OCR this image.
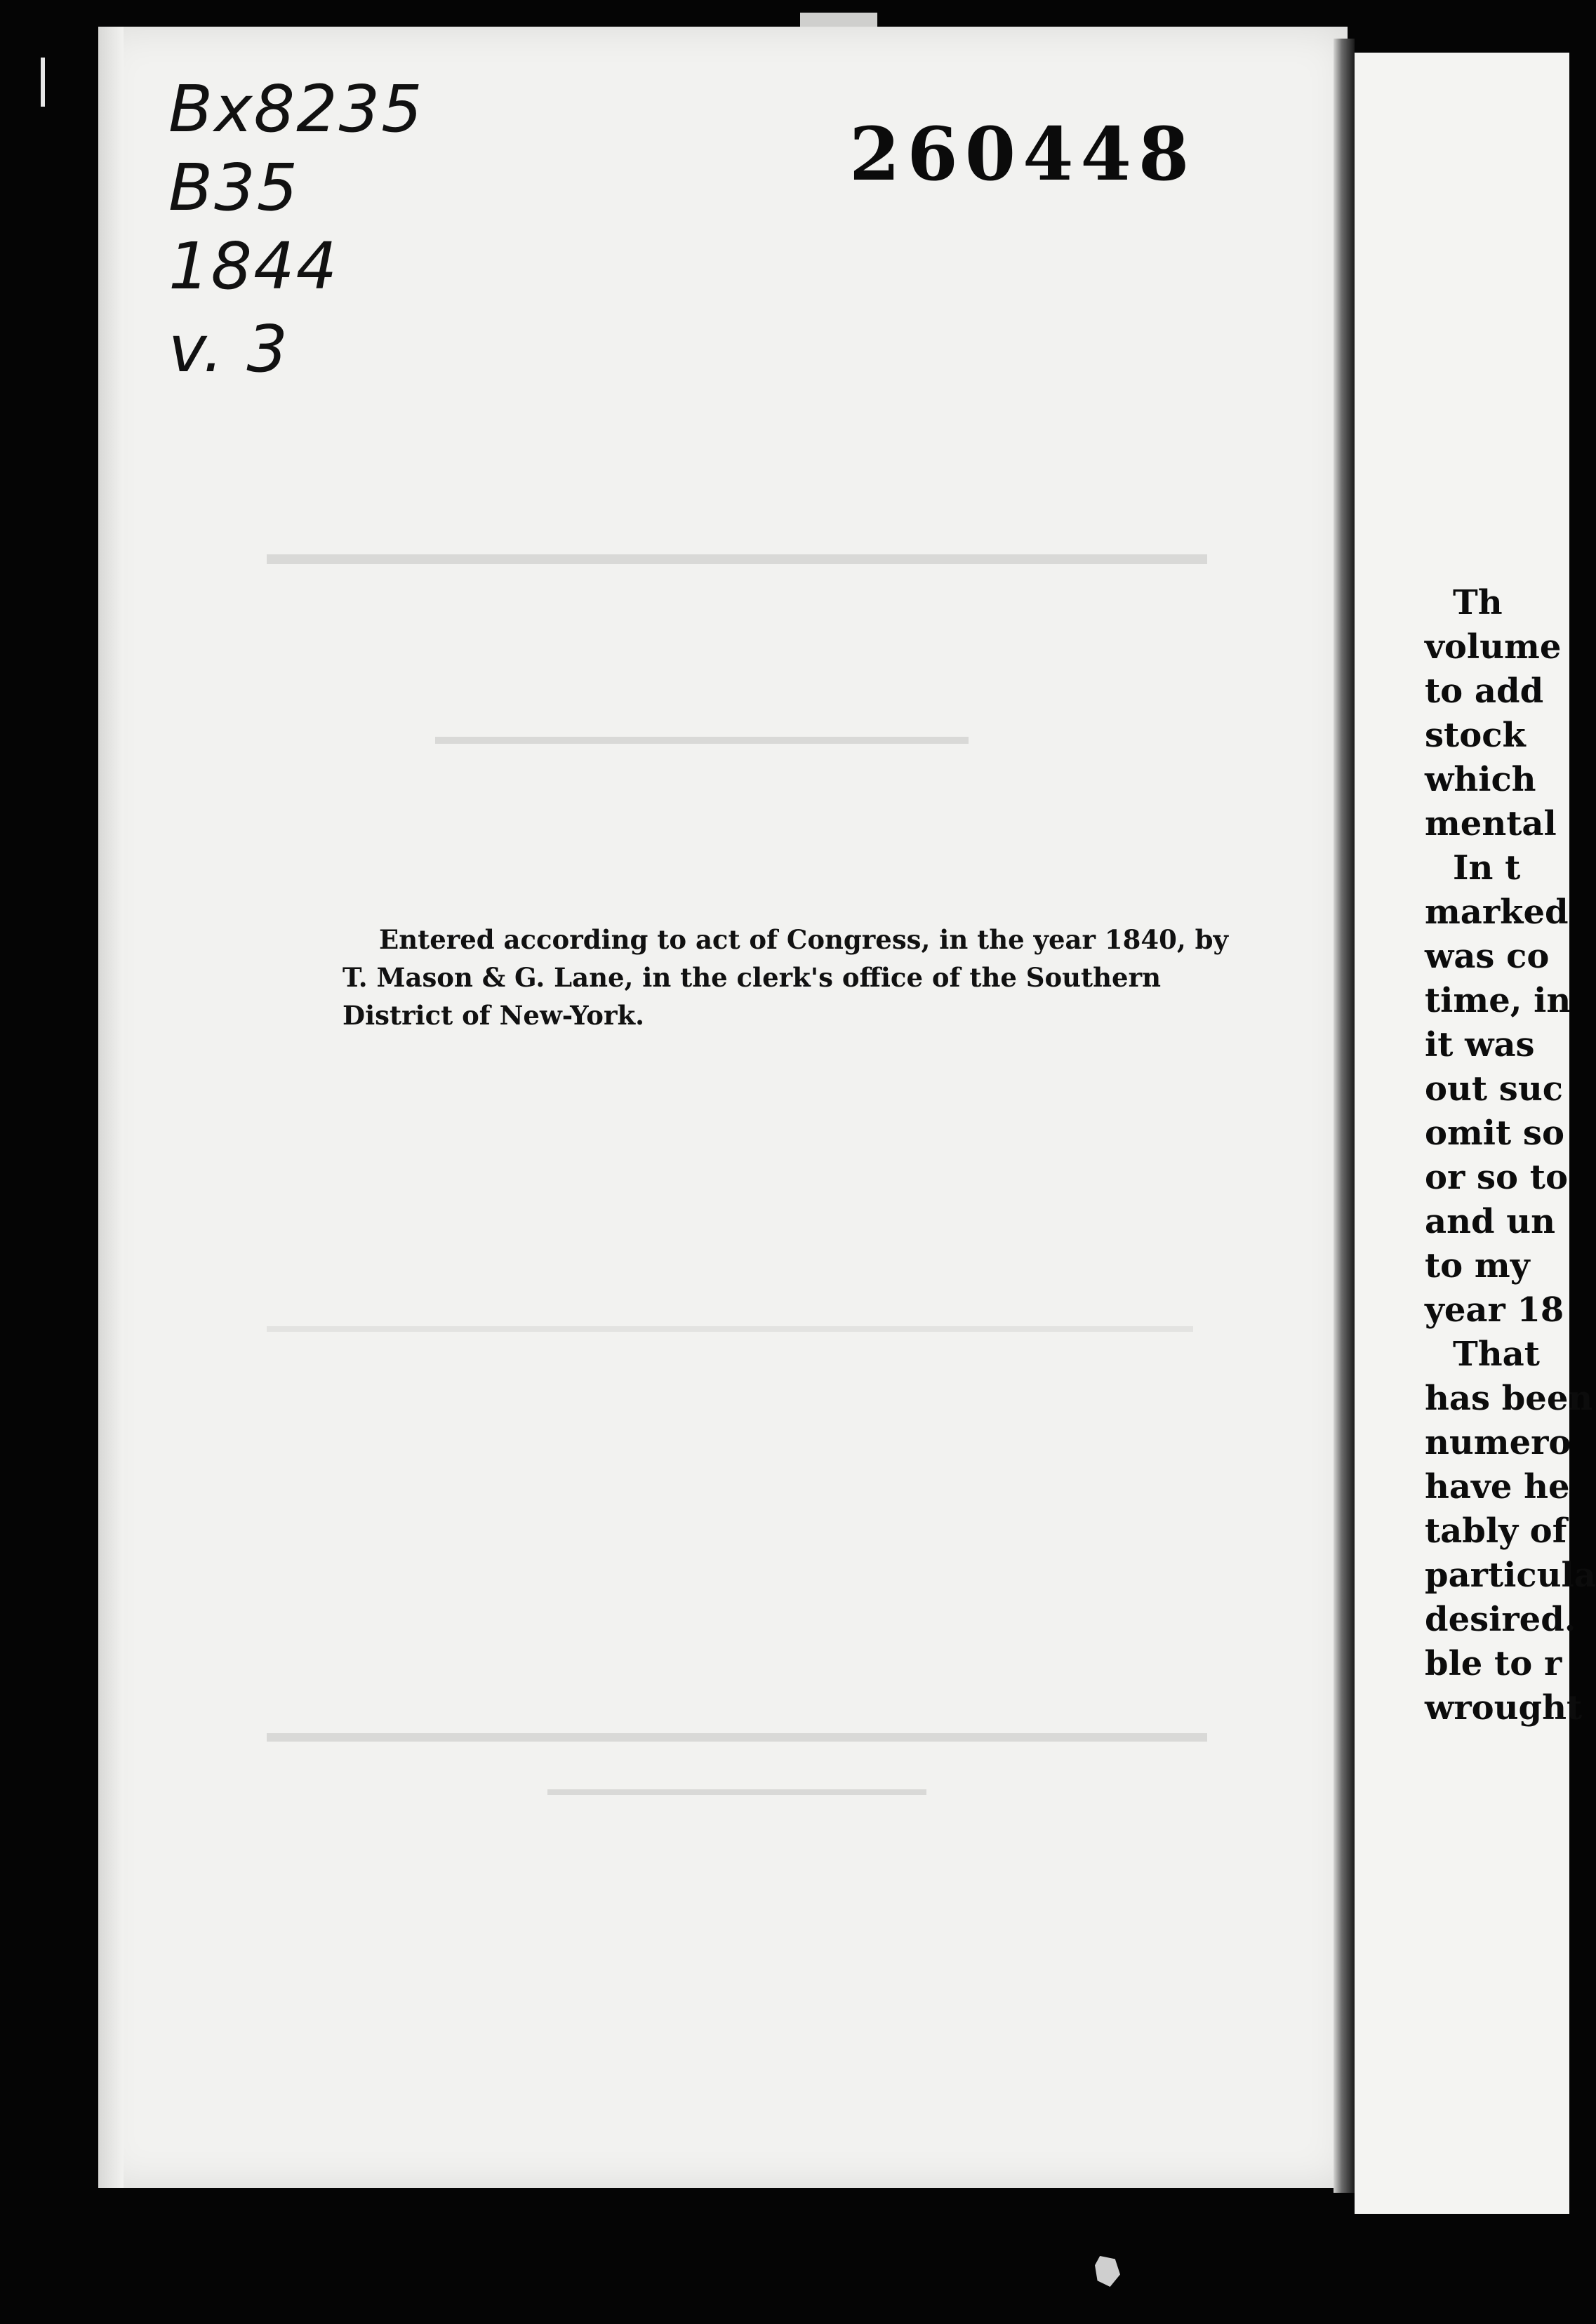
Bx8235
B35
1844
v. 3
260448
Entered according to act of Congress, in the year 1840, by
T. Mason & G. Lane, in the clerk's office of the Southern
District of New-York.
Th
volume
to add
stock
which
mental
In t
marked
was co
time, in
it was
out suc
omit so
or so to
and un
to my
year 18
That
has been
numero
have he
tably of
particula
desired.
ble to r
wrought
